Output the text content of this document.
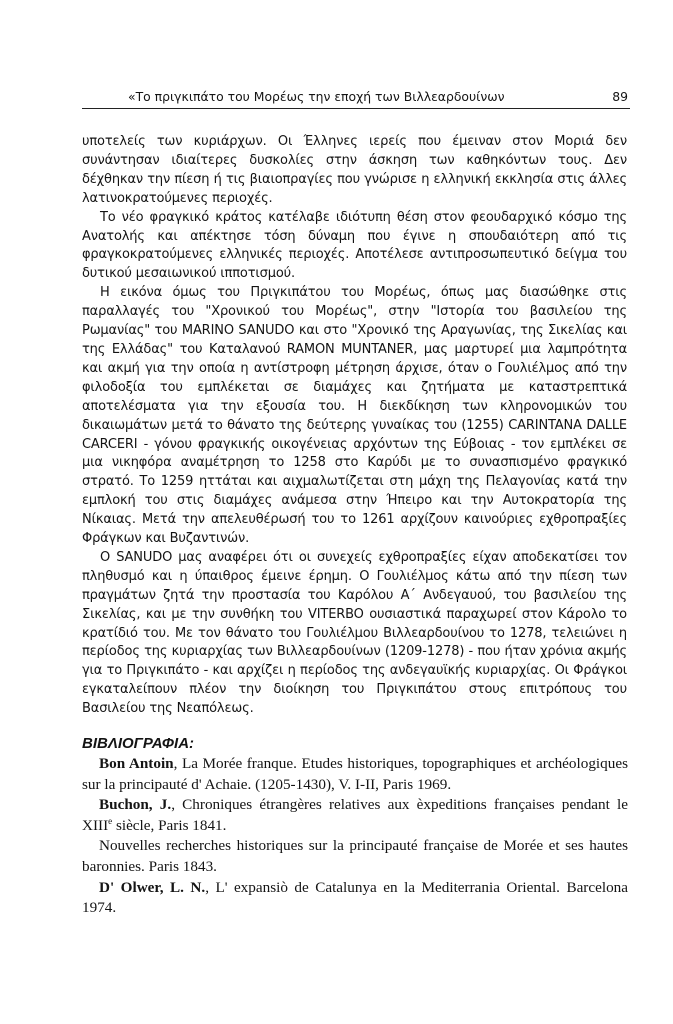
«Το πριγκιπάτο του Μορέως την εποχή των Βιλλεαρδουίνων	89

υποτελείς των κυριάρχων. Οι Έλληνες ιερείς που έμειναν στον Μοριά δεν συνάντησαν ιδιαίτερες δυσκολίες στην άσκηση των καθηκόντων τους. Δεν δέχθηκαν την πίεση ή τις βιαιοπραγίες που γνώρισε η ελληνική εκκλησία στις άλλες λατινοκρατούμενες περιοχές.

Το νέο φραγκικό κράτος κατέλαβε ιδιότυπη θέση στον φεουδαρχικό κόσμο της Ανατολής και απέκτησε τόση δύναμη που έγινε η σπουδαιότερη από τις φραγκοκρατούμενες ελληνικές περιοχές. Αποτέλεσε αντιπροσωπευτικό δείγμα του δυτικού μεσαιωνικού ιπποτισμού.

Η εικόνα όμως του Πριγκιπάτου του Μορέως, όπως μας διασώθηκε στις παραλλαγές του "Χρονικού του Μορέως", στην "Ιστορία του βασιλείου της Ρωμανίας" του MARINO SANUDO και στο "Χρονικό της Αραγωνίας, της Σικελίας και της Ελλάδας" του Καταλανού RAMON MUNTANER, μας μαρτυρεί μια λαμπρότητα και ακμή για την οποία η αντίστροφη μέτρηση άρχισε, όταν ο Γουλιέλμος από την φιλοδοξία του εμπλέκεται σε διαμάχες και ζητήματα με καταστρεπτικά αποτελέσματα για την εξουσία του. Η διεκδίκηση των κληρονομικών του δικαιωμάτων μετά το θάνατο της δεύτερης γυναίκας του (1255) CARINTANA DALLE CARCERI - γόνου φραγκικής οικογένειας αρχόντων της Εύβοιας - τον εμπλέκει σε μια νικηφόρα αναμέτρηση το 1258 στο Καρύδι με το συνασπισμένο φραγκικό στρατό. Το 1259 ηττάται και αιχμαλωτίζεται στη μάχη της Πελαγονίας κατά την εμπλοκή του στις διαμάχες ανάμεσα στην Ήπειρο και την Αυτοκρατορία της Νίκαιας. Μετά την απελευθέρωσή του το 1261 αρχίζουν καινούριες εχθροπραξίες Φράγκων και Βυζαντινών.

Ο SANUDO μας αναφέρει ότι οι συνεχείς εχθροπραξίες είχαν αποδεκατίσει τον πληθυσμό και η ύπαιθρος έμεινε έρημη. Ο Γουλιέλμος κάτω από την πίεση των πραγμάτων ζητά την προστασία του Καρόλου Α΄ Ανδεγαυού, του βασιλείου της Σικελίας, και με την συνθήκη του VITERBO ουσιαστικά παραχωρεί στον Κάρολο το κρατίδιό του. Με τον θάνατο του Γουλιέλμου Βιλλεαρδουίνου το 1278, τελειώνει η περίοδος της κυριαρχίας των Βιλλεαρδουίνων (1209-1278) - που ήταν χρόνια ακμής για το Πριγκιπάτο - και αρχίζει η περίοδος της ανδεγαυϊκής κυριαρχίας. Οι Φράγκοι εγκαταλείπουν πλέον την διοίκηση του Πριγκιπάτου στους επιτρόπους του Βασιλείου της Νεαπόλεως.

ΒΙΒΛΙΟΓΡΑΦΙΑ:

Bon Antoin, La Morée franque. Etudes historiques, topographiques et archéologiques sur la principauté d' Achaie. (1205-1430), V. I-II, Paris 1969.

Buchon, J., Chroniques étrangères relatives aux èxpeditions françaises pendant le XIIIe siècle, Paris 1841.

Nouvelles recherches historiques sur la principauté française de Morée et ses hautes baronnies. Paris 1843.

D' Olwer, L. N., L' expansiò de Catalunya en la Mediterrania Oriental. Barcelona 1974.
